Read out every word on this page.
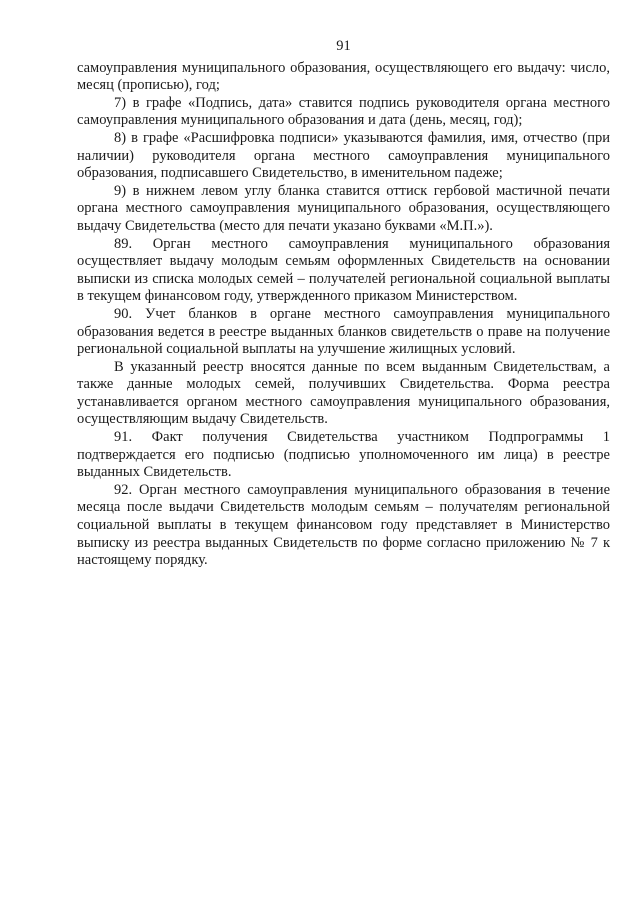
91

самоуправления муниципального образования, осуществляющего его выдачу: число, месяц (прописью), год;

7) в графе «Подпись, дата» ставится подпись руководителя органа местного самоуправления муниципального образования и дата (день, месяц, год);

8) в графе «Расшифровка подписи» указываются фамилия, имя, отчество (при наличии) руководителя органа местного самоуправления муниципального образования, подписавшего Свидетельство, в именительном падеже;

9) в нижнем левом углу бланка ставится оттиск гербовой мастичной печати органа местного самоуправления муниципального образования, осуществляющего выдачу Свидетельства (место для печати указано буквами «М.П.»).

89. Орган местного самоуправления муниципального образования осуществляет выдачу молодым семьям оформленных Свидетельств на основании выписки из списка молодых семей – получателей региональной социальной выплаты в текущем финансовом году, утвержденного приказом Министерством.

90. Учет бланков в органе местного самоуправления муниципального образования ведется в реестре выданных бланков свидетельств о праве на получение региональной социальной выплаты на улучшение жилищных условий.

В указанный реестр вносятся данные по всем выданным Свидетельствам, а также данные молодых семей, получивших Свидетельства. Форма реестра устанавливается органом местного самоуправления муниципального образования, осуществляющим выдачу Свидетельств.

91. Факт получения Свидетельства участником Подпрограммы 1 подтверждается его подписью (подписью уполномоченного им лица) в реестре выданных Свидетельств.

92. Орган местного самоуправления муниципального образования в течение месяца после выдачи Свидетельств молодым семьям – получателям региональной социальной выплаты в текущем финансовом году представляет в Министерство выписку из реестра выданных Свидетельств по форме согласно приложению № 7 к настоящему порядку.
